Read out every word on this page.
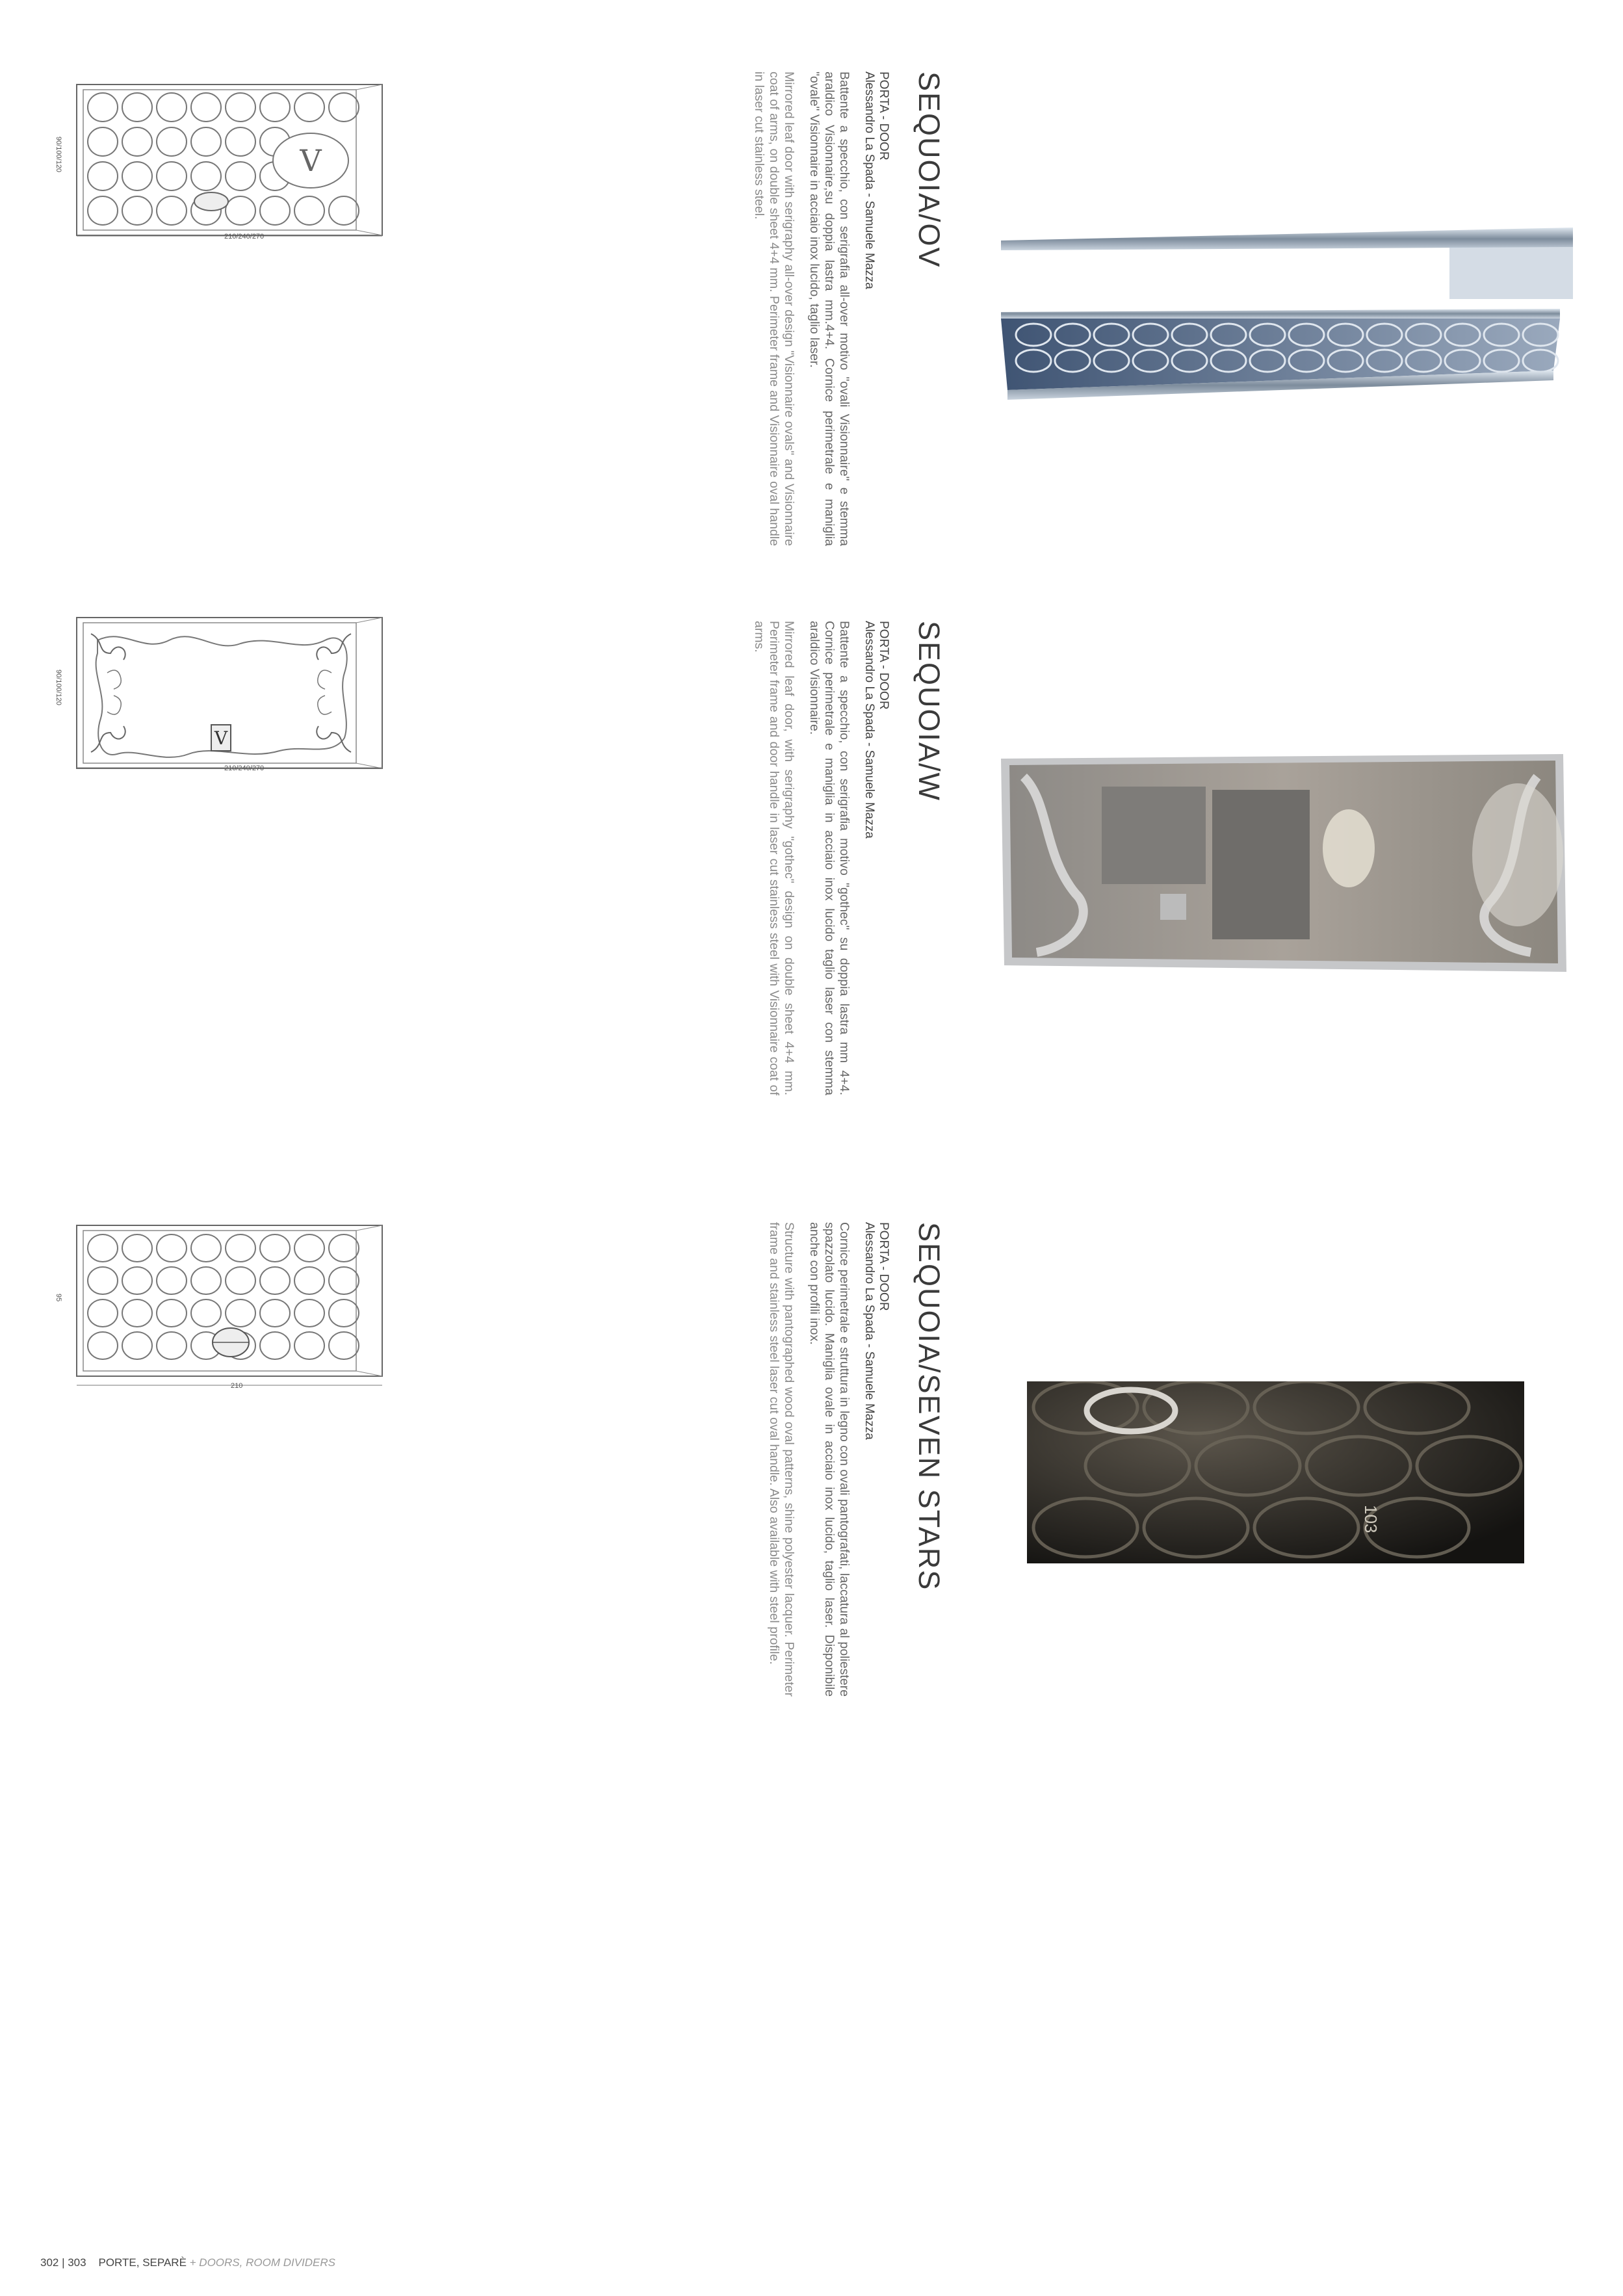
V
90/100/120
210/240/270	SEQUOIA/OV
PORTA - DOOR
Alessandro La Spada - Samuele Mazza
Battente a specchio, con serigrafia all-over motivo "ovali Visionnaire" e stemma araldico Visionnaire,su doppia lastra mm.4+4. Cornice perimetrale e maniglia "ovale" Visionnaire in acciaio inox lucido, taglio laser.
Mirrored leaf door with serigraphy all-over design "Visionnaire ovals" and Visionnaire coat of arms, on double sheet 4+4 mm. Perimeter frame and Visionnaire oval handle in laser cut stainless steel.
V
90/100/120
210/240/270	SEQUOIA/W
PORTA - DOOR
Alessandro La Spada - Samuele Mazza
Battente a specchio, con serigrafia motivo "gothec" su doppia lastra mm 4+4. Cornice perimetrale e maniglia in acciaio inox lucido taglio laser con stemma araldico Visionnaire.
Mirrored leaf door, with serigraphy "gothec" design on double sheet 4+4 mm. Perimeter frame and door handle in laser cut stainless steel with Visionnaire coat of arms.
95
210	SEQUOIA/SEVEN STARS
PORTA - DOOR
Alessandro La Spada - Samuele Mazza
Cornice perimetrale e struttura in legno con ovali pantografati, laccatura al poliestere spazzolato lucido. Maniglia ovale in acciaio inox lucido, taglio laser. Disponibile anche con profili inox.
Structure with pantographed wood oval patterns, shine polyester lacquer. Perimeter frame and stainless steel laser cut oval handle. Also available with steel profile.	103
302 | 303 PORTE, SEPARÈ + DOORS, ROOM DIVIDERS
